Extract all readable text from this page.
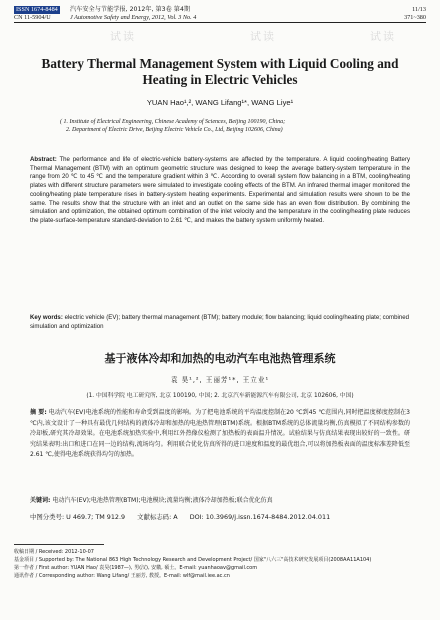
ISSN 1674-8484
CN 11-5904/U
汽车安全与节能学报, 2012年, 第3卷 第4期
J Automotive Safety and Energy, 2012, Vol. 3 No. 4
11/13
371~380
试读	试读	试读
Battery Thermal Management System with Liquid Cooling and Heating in Electric Vehicles
YUAN Hao¹,², WANG Lifang¹*, WANG Liye¹
( 1. Institute of Electrical Engineering, Chinese Academy of Sciences, Beijing 100190, China;
2. Department of Electric Drive, Beijing Electric Vehicle Co., Ltd, Beijing 102606, China)
Abstract: The performance and life of electric-vehicle battery-systems are affected by the temperature. A liquid cooling/heating Battery Thermal Management (BTM) with an optimum geometric structure was designed to keep the average battery-system temperature in the range from 20 ℃ to 45 ℃ and the temperature gradient within 3 ℃. According to overall system flow balancing in a BTM, cooling/heating plates with different structure parameters were simulated to investigate cooling effects of the BTM. An infrared thermal imager monitored the cooling/heating plate temperature rises in battery-system heating experiments. Experimental and simulation results were shown to be the same. The results show that the structure with an inlet and an outlet on the same side has an even flow distribution. By combining the simulation and optimization, the obtained optimum combination of the inlet velocity and the temperature in the cooling/heating plate reduces the plate-surface-temperature standard-deviation to 2.61 ℃, and makes the battery system uniformly heated.
Key words: electric vehicle (EV); battery thermal management (BTM); battery module; flow balancing; liquid cooling/heating plate; combined simulation and optimization
基于液体冷却和加热的电动汽车电池热管理系统
袁 昊¹,², 王丽芳¹*, 王立业¹
(1. 中国科学院 电工研究所, 北京 100190, 中国; 2. 北京汽车新能源汽车有限公司, 北京 102606, 中国)
摘 要: 电动汽车(EV)电池系统的性能和寿命受到温度的影响。为了把电池系统的平均温度控制在20 ℃到45 ℃范围内,同时把温度梯度控制在3 ℃内,该文设计了一种具有最优几何结构的液体冷却和加热的电池热管理(BTM)系统。根据BTM系统的总体流量均衡,仿真模拟了不同结构参数的冷却板,研究其冷却效果。在电池系统加热实验中,利用红外热像仪检测了加热板的表面温升情况。试验结果与仿真结果表现出较好的一致性。研究结果表明:出口和进口在同一边的结构,流场均匀。利用联合优化仿真所得的进口速度和温度的最优组合,可以将加热板表面的温度标准差降低至2.61 ℃,使得电池系统获得均匀的加热。
关键词: 电动汽车(EV);电池热管理(BTM);电池模块;流量均衡;液体冷却加热板;联合优化仿真
中图分类号: U 469.7; TM 912.9 文献标志码: A DOI: 10.3969/j.issn.1674-8484.2012.04.011
收稿日期 / Received: 2012-10-07
基金项目 / Supported by: The National 863 High Technology Research and Development Project/ 国家"八六三"高技术研究发展项目(2008AA11A104)
第一作者 / First author: YUAN Hao/ 袁昊(1987—), 男(汉), 安徽, 硕士。E-mail: yuanhaoav@gmail.com
通讯作者 / Corresponding author: Wang Lifang/ 王丽芳, 教授。E-mail: wlf@mail.iee.ac.cn
